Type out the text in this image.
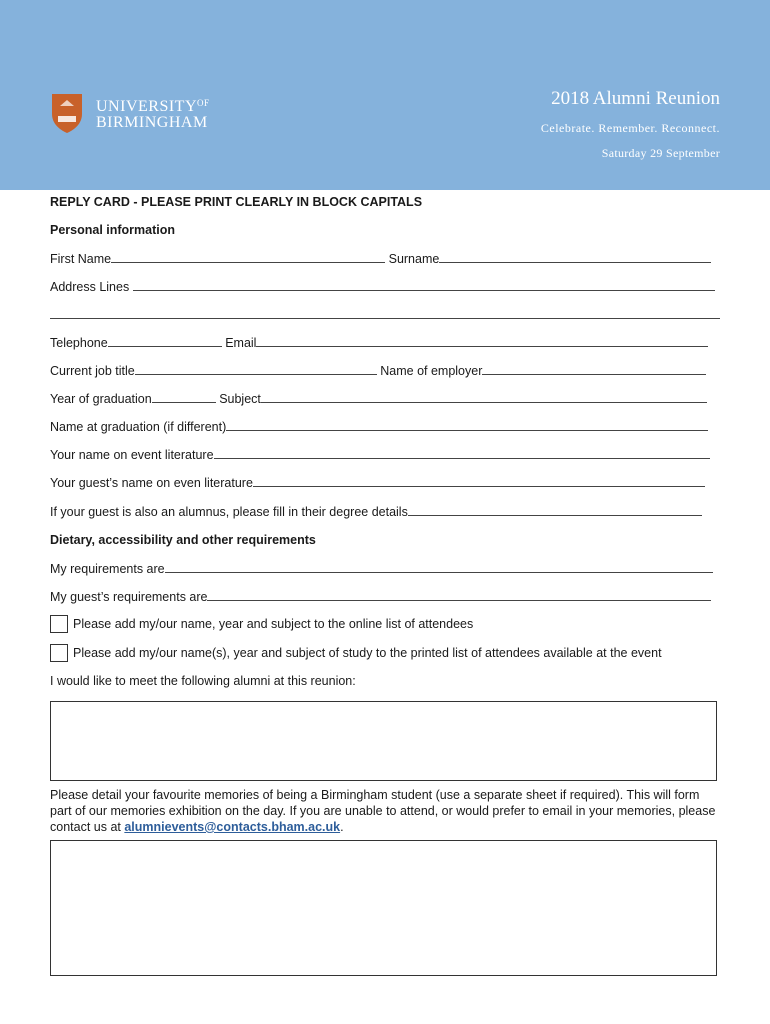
$UNIVERSITY^{OF}$
BIRMINGHAM
2018 Alumni Reunion
Celebrate. Remember. Reconnect.
Saturday 29 September
REPLY CARD - PLEASE PRINT CLEARLY IN BLOCK CAPITALS
Personal information
First Name	Surname
Address Lines
Telephone	Email
Current job title	Name of employer
Year of graduation	Subject
Name at graduation (if different)
Your name on event literature
Your guest’s name on even literature
If your guest is also an alumnus, please fill in their degree details
Dietary, accessibility and other requirements
My requirements are
My guest’s requirements are
Please add my/our name, year and subject to the online list of attendees
Please add my/our name(s), year and subject of study to the printed list of attendees available at the event
I would like to meet the following alumni at this reunion:
Please detail your favourite memories of being a Birmingham student (use a separate sheet if required). This will form part of our memories exhibition on the day. If you are unable to attend, or would prefer to email in your memories, please contact us at alumnievents@contacts.bham.ac.uk.
